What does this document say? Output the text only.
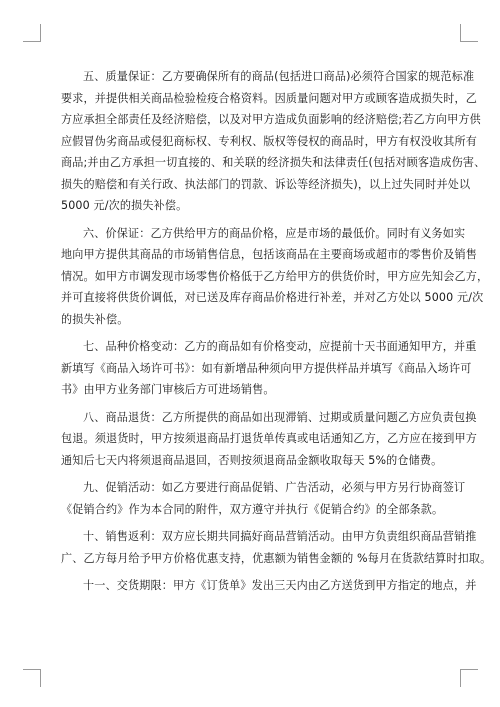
五、质量保证：乙方要确保所有的商品(包括进口商品)必须符合国家的规范标准
要求，并提供相关商品检验检疫合格资料。因质量问题对甲方或顾客造成损失时，乙
方应承担全部责任及经济赔偿，以及对甲方造成负面影响的经济赔偿;若乙方向甲方供
应假冒伪劣商品或侵犯商标权、专利权、版权等侵权的商品时，甲方有权没收其所有
商品;并由乙方承担一切直接的、和关联的经济损失和法律责任(包括对顾客造成伤害、
损失的赔偿和有关行政、执法部门的罚款、诉讼等经济损失)，以上过失同时并处以
5000 元/次的损失补偿。
六、价保证：乙方供给甲方的商品价格，应是市场的最低价。同时有义务如实
地向甲方提供其商品的市场销售信息，包括该商品在主要商场或超市的零售价及销售
情况。如甲方市调发现市场零售价格低于乙方给甲方的供货价时，甲方应先知会乙方，
并可直接将供货价调低，对已送及库存商品价格进行补差，并对乙方处以 5000 元/次
的损失补偿。
七、品种价格变动：乙方的商品如有价格变动，应提前十天书面通知甲方，并重
新填写《商品入场许可书》：如有新增品种须向甲方提供样品并填写《商品入场许可
书》由甲方业务部门审核后方可进场销售。
八、商品退货：乙方所提供的商品如出现滞销、过期或质量问题乙方应负责包换
包退。须退货时，甲方按须退商品打退货单传真或电话通知乙方，乙方应在接到甲方
通知后七天内将须退商品退回，否则按须退商品金额收取每天 5%的仓储费。
九、促销活动：如乙方要进行商品促销、广告活动，必须与甲方另行协商签订
《促销合约》作为本合同的附件，双方遵守并执行《促销合约》的全部条款。
十、销售返利：双方应长期共同搞好商品营销活动。由甲方负责组织商品营销推
广、乙方每月给予甲方价格优惠支持，优惠额为销售金额的 %每月在货款结算时扣取。
十一、交货期限：甲方《订货单》发出三天内由乙方送货到甲方指定的地点，并
